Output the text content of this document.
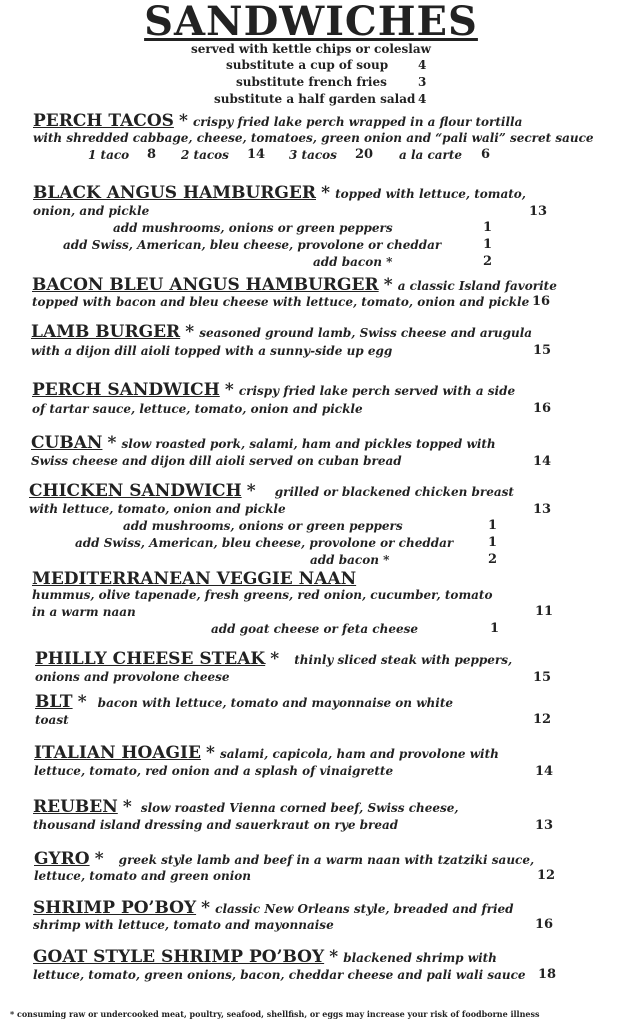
SANDWICHES
served with kettle chips or coleslaw
substitute a cup of soup 4
substitute french fries	3
substitute a half garden salad 4
PERCH TACOS * crispy fried lake perch wrapped in a flour tortilla
with shredded cabbage, cheese, tomatoes, green onion and “pali wali” secret sauce
1 taco 8 2 tacos 14 3 tacos 20 a la carte 6
BLACK ANGUS HAMBURGER * topped with lettuce, tomato,
onion, and pickle	13
add mushrooms, onions or green peppers	1
add Swiss, American, bleu cheese, provolone or cheddar	1
add bacon *	2
BACON BLEU ANGUS HAMBURGER * a classic Island favorite
topped with bacon and bleu cheese with lettuce, tomato, onion and pickle 16
LAMB BURGER * seasoned ground lamb, Swiss cheese and arugula
with a dijon dill aioli topped with a sunny-side up egg	15
PERCH SANDWICH * crispy fried lake perch served with a side
of tartar sauce, lettuce, tomato, onion and pickle	16
CUBAN * slow roasted pork, salami, ham and pickles topped with
Swiss cheese and dijon dill aioli served on cuban bread	14
CHICKEN SANDWICH * grilled or blackened chicken breast
with lettuce, tomato, onion and pickle	13
add mushrooms, onions or green peppers	1
add Swiss, American, bleu cheese, provolone or cheddar	1
add bacon *	2
MEDITERRANEAN VEGGIE NAAN
hummus, olive tapenade, fresh greens, red onion, cucumber, tomato
in a warm naan	11
add goat cheese or feta cheese	1
PHILLY CHEESE STEAK * thinly sliced steak with peppers,
onions and provolone cheese	15
BLT * bacon with lettuce, tomato and mayonnaise on white
toast	12
ITALIAN HOAGIE * salami, capicola, ham and provolone with
lettuce, tomato, red onion and a splash of vinaigrette	14
REUBEN * slow roasted Vienna corned beef, Swiss cheese,
thousand island dressing and sauerkraut on rye bread	13
GYRO * greek style lamb and beef in a warm naan with tzatziki sauce,
lettuce, tomato and green onion	12
SHRIMP PO’BOY * classic New Orleans style, breaded and fried
shrimp with lettuce, tomato and mayonnaise	16
GOAT STYLE SHRIMP PO’BOY * blackened shrimp with
lettuce, tomato, green onions, bacon, cheddar cheese and pali wali sauce 18
* consuming raw or undercooked meat, poultry, seafood, shellfish, or eggs may increase your risk of foodborne illness
